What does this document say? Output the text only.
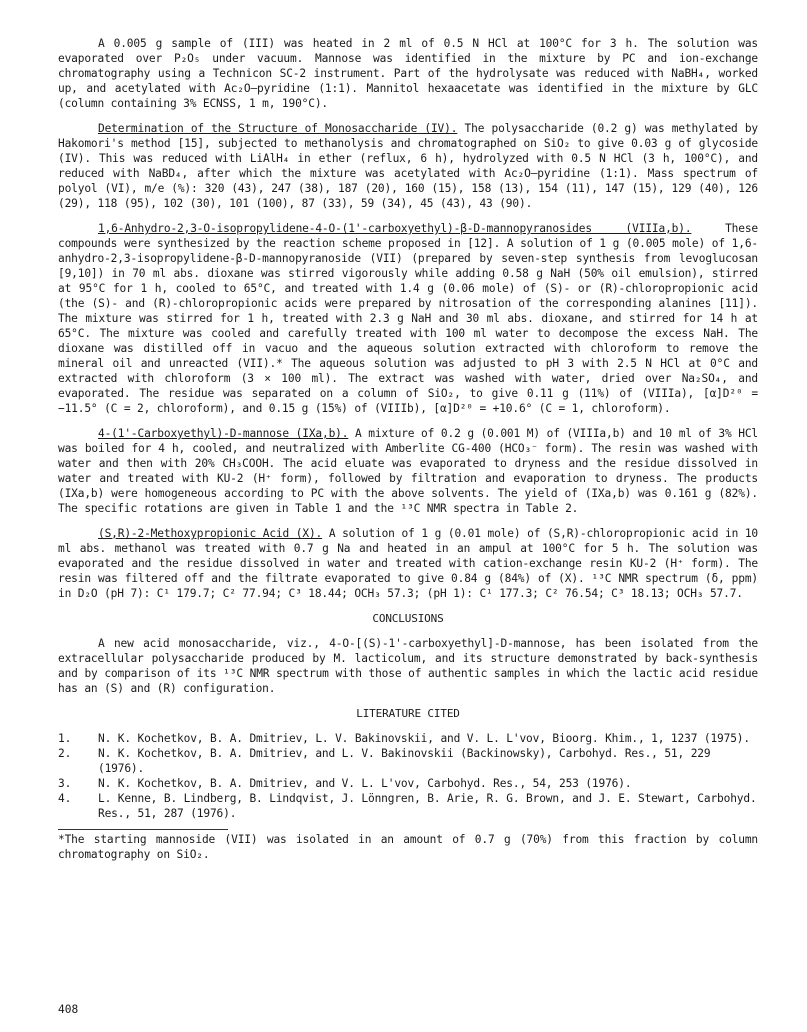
A 0.005 g sample of (III) was heated in 2 ml of 0.5 N HCl at 100°C for 3 h. The solution was evaporated over P₂O₅ under vacuum. Mannose was identified in the mixture by PC and ion-exchange chromatography using a Technicon SC-2 instrument. Part of the hydrolysate was reduced with NaBH₄, worked up, and acetylated with Ac₂O–pyridine (1:1). Mannitol hexaacetate was identified in the mixture by GLC (column containing 3% ECNSS, 1 m, 190°C).

Determination of the Structure of Monosaccharide (IV). The polysaccharide (0.2 g) was methylated by Hakomori's method [15], subjected to methanolysis and chromatographed on SiO₂ to give 0.03 g of glycoside (IV). This was reduced with LiAlH₄ in ether (reflux, 6 h), hydrolyzed with 0.5 N HCl (3 h, 100°C), and reduced with NaBD₄, after which the mixture was acetylated with Ac₂O–pyridine (1:1). Mass spectrum of polyol (VI), m/e (%): 320 (43), 247 (38), 187 (20), 160 (15), 158 (13), 154 (11), 147 (15), 129 (40), 126 (29), 118 (95), 102 (30), 101 (100), 87 (33), 59 (34), 45 (43), 43 (90).

1,6-Anhydro-2,3-O-isopropylidene-4-O-(1'-carboxyethyl)-β-D-mannopyranosides (VIIIa,b). These compounds were synthesized by the reaction scheme proposed in [12]. A solution of 1 g (0.005 mole) of 1,6-anhydro-2,3-isopropylidene-β-D-mannopyranoside (VII) (prepared by seven-step synthesis from levoglucosan [9,10]) in 70 ml abs. dioxane was stirred vigorously while adding 0.58 g NaH (50% oil emulsion), stirred at 95°C for 1 h, cooled to 65°C, and treated with 1.4 g (0.06 mole) of (S)- or (R)-chloropropionic acid (the (S)- and (R)-chloropropionic acids were prepared by nitrosation of the corresponding alanines [11]). The mixture was stirred for 1 h, treated with 2.3 g NaH and 30 ml abs. dioxane, and stirred for 14 h at 65°C. The mixture was cooled and carefully treated with 100 ml water to decompose the excess NaH. The dioxane was distilled off in vacuo and the aqueous solution extracted with chloroform to remove the mineral oil and unreacted (VII).* The aqueous solution was adjusted to pH 3 with 2.5 N HCl at 0°C and extracted with chloroform (3 × 100 ml). The extract was washed with water, dried over Na₂SO₄, and evaporated. The residue was separated on a column of SiO₂, to give 0.11 g (11%) of (VIIIa), [α]D²⁰ = −11.5° (C = 2, chloroform), and 0.15 g (15%) of (VIIIb), [α]D²⁰ = +10.6° (C = 1, chloroform).

4-(1'-Carboxyethyl)-D-mannose (IXa,b). A mixture of 0.2 g (0.001 M) of (VIIIa,b) and 10 ml of 3% HCl was boiled for 4 h, cooled, and neutralized with Amberlite CG-400 (HCO₃⁻ form). The resin was washed with water and then with 20% CH₃COOH. The acid eluate was evaporated to dryness and the residue dissolved in water and treated with KU-2 (H⁺ form), followed by filtration and evaporation to dryness. The products (IXa,b) were homogeneous according to PC with the above solvents. The yield of (IXa,b) was 0.161 g (82%). The specific rotations are given in Table 1 and the ¹³C NMR spectra in Table 2.

(S,R)-2-Methoxypropionic Acid (X). A solution of 1 g (0.01 mole) of (S,R)-chloropropionic acid in 10 ml abs. methanol was treated with 0.7 g Na and heated in an ampul at 100°C for 5 h. The solution was evaporated and the residue dissolved in water and treated with cation-exchange resin KU-2 (H⁺ form). The resin was filtered off and the filtrate evaporated to give 0.84 g (84%) of (X). ¹³C NMR spectrum (δ, ppm) in D₂O (pH 7): C¹ 179.7; C² 77.94; C³ 18.44; OCH₃ 57.3; (pH 1): C¹ 177.3; C² 76.54; C³ 18.13; OCH₃ 57.7.

CONCLUSIONS

A new acid monosaccharide, viz., 4-O-[(S)-1'-carboxyethyl]-D-mannose, has been isolated from the extracellular polysaccharide produced by M. lacticolum, and its structure demonstrated by back-synthesis and by comparison of its ¹³C NMR spectrum with those of authentic samples in which the lactic acid residue has an (S) and (R) configuration.

LITERATURE CITED
1.	N. K. Kochetkov, B. A. Dmitriev, L. V. Bakinovskii, and V. L. L'vov, Bioorg. Khim., 1, 1237 (1975).
2.	N. K. Kochetkov, B. A. Dmitriev, and L. V. Bakinovskii (Backinowsky), Carbohyd. Res., 51, 229 (1976).
3.	N. K. Kochetkov, B. A. Dmitriev, and V. L. L'vov, Carbohyd. Res., 54, 253 (1976).
4.	L. Kenne, B. Lindberg, B. Lindqvist, J. Lönngren, B. Arie, R. G. Brown, and J. E. Stewart, Carbohyd. Res., 51, 287 (1976).

*The starting mannoside (VII) was isolated in an amount of 0.7 g (70%) from this fraction by column chromatography on SiO₂.

408
